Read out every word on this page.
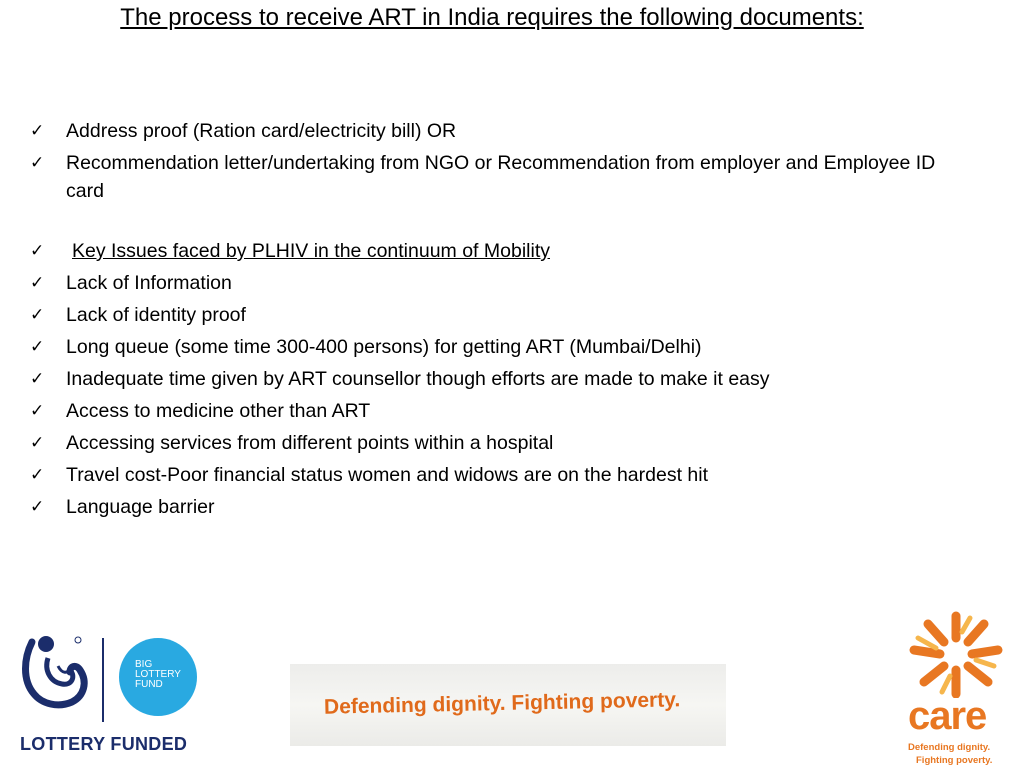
The process to receive ART in India requires the following documents:
✓ Address proof (Ration card/electricity bill) OR
✓ Recommendation letter/undertaking from NGO or Recommendation from employer and Employee ID card
✓ Key Issues faced by PLHIV in the continuum of Mobility
✓ Lack of Information
✓ Lack of identity proof
✓ Long queue (some time 300-400 persons) for getting ART (Mumbai/Delhi)
✓ Inadequate time given by ART counsellor though efforts are made to make it easy
✓ Access to medicine other than ART
✓ Accessing services from different points within a hospital
✓ Travel cost-Poor financial status women and widows are on the hardest hit
✓ Language barrier
BIG LOTTERY FUND
LOTTERY FUNDED
Defending dignity. Fighting poverty.	care
Defending dignity.
Fighting poverty.
